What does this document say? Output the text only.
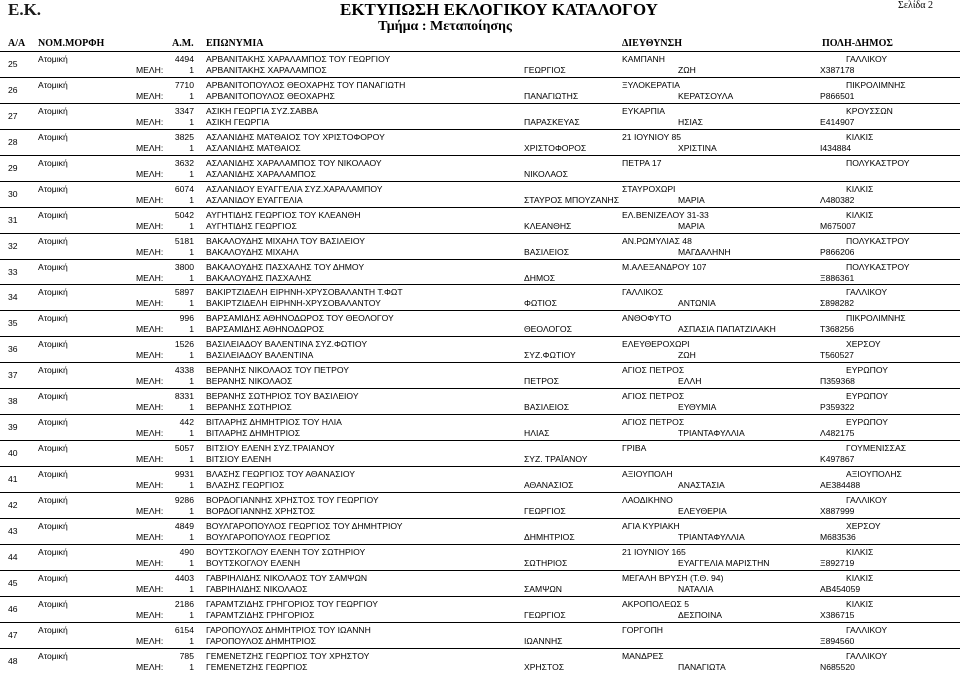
Ε.Κ.	ΕΚΤΥΠΩΣΗ ΕΚΛΟΓΙΚΟΥ ΚΑΤΑΛΟΓΟΥ
Τμήμα : Μεταποίησης
Σελίδα 2
Α/Α ΝΟΜ.ΜΟΡΦΗ	Α.Μ. ΕΠΩΝΥΜΙΑ	ΔΙΕΥΘΥΝΣΗ	ΠΟΛΗ-ΔΗΜΟΣ
25 Ατομική	4494 ΑΡΒΑΝΙΤΑΚΗΣ ΧΑΡΑΛΑΜΠΟΣ ΤΟΥ ΓΕΩΡΓΙΟΥ	ΚΑΜΠΑΝΗ	ΓΑΛΛΙΚΟΥ
ΜΕΛΗ:	1 ΑΡΒΑΝΙΤΑΚΗΣ ΧΑΡΑΛΑΜΠΟΣ	ΓΕΩΡΓΙΟΣ	ΖΩΗ	Χ387178
26 Ατομική	7710 ΑΡΒΑΝΙΤΟΠΟΥΛΟΣ ΘΕΟΧΑΡΗΣ ΤΟΥ ΠΑΝΑΓΙΩΤΗ	ΞΥΛΟΚΕΡΑΤΙΑ	ΠΙΚΡΟΛΙΜΝΗΣ
ΜΕΛΗ:	1 ΑΡΒΑΝΙΤΟΠΟΥΛΟΣ ΘΕΟΧΑΡΗΣ	ΠΑΝΑΓΙΩΤΗΣ	ΚΕΡΑΤΣΟΥΛΑ	Ρ866501
27 Ατομική	3347 ΑΣΙΚΗ ΓΕΩΡΓΙΑ ΣΥΖ.ΣΑΒΒΑ	ΕΥΚΑΡΠΙΑ	ΚΡΟΥΣΣΩΝ
ΜΕΛΗ:	1 ΑΣΙΚΗ ΓΕΩΡΓΙΑ	ΠΑΡΑΣΚΕΥΑΣ	ΗΣΙΑΣ	Ε414907
28 Ατομική	3825 ΑΣΛΑΝΙΔΗΣ ΜΑΤΘΑΙΟΣ ΤΟΥ ΧΡΙΣΤΟΦΟΡΟΥ	21 ΙΟΥΝΙΟΥ 85	ΚΙΛΚΙΣ
ΜΕΛΗ:	1 ΑΣΛΑΝΙΔΗΣ ΜΑΤΘΑΙΟΣ	ΧΡΙΣΤΟΦΟΡΟΣ	ΧΡΙΣΤΙΝΑ	Ι434884
29 Ατομική	3632 ΑΣΛΑΝΙΔΗΣ ΧΑΡΑΛΑΜΠΟΣ ΤΟΥ ΝΙΚΟΛΑΟΥ	ΠΕΤΡΑ 17	ΠΟΛΥΚΑΣΤΡΟΥ
ΜΕΛΗ:	1 ΑΣΛΑΝΙΔΗΣ ΧΑΡΑΛΑΜΠΟΣ	ΝΙΚΟΛΑΟΣ
30 Ατομική	6074 ΑΣΛΑΝΙΔΟΥ ΕΥΑΓΓΕΛΙΑ ΣΥΖ.ΧΑΡΑΛΑΜΠΟΥ	ΣΤΑΥΡΟΧΩΡΙ	ΚΙΛΚΙΣ
ΜΕΛΗ:	1 ΑΣΛΑΝΙΔΟΥ ΕΥΑΓΓΕΛΙΑ	ΣΤΑΥΡΟΣ ΜΠΟΥΖΑΝΗΣ	ΜΑΡΙΑ	Λ480382
31 Ατομική	5042 ΑΥΓΗΤΙΔΗΣ ΓΕΩΡΓΙΟΣ ΤΟΥ ΚΛΕΑΝΘΗ	ΕΛ.ΒΕΝΙΖΕΛΟΥ 31-33	ΚΙΛΚΙΣ
ΜΕΛΗ:	1 ΑΥΓΗΤΙΔΗΣ ΓΕΩΡΓΙΟΣ	ΚΛΕΑΝΘΗΣ	ΜΑΡΙΑ	Μ675007
32 Ατομική	5181 ΒΑΚΑΛΟΥΔΗΣ ΜΙΧΑΗΛ ΤΟΥ ΒΑΣΙΛΕΙΟΥ	ΑΝ.ΡΩΜΥΛΙΑΣ 48	ΠΟΛΥΚΑΣΤΡΟΥ
ΜΕΛΗ:	1 ΒΑΚΑΛΟΥΔΗΣ ΜΙΧΑΗΛ	ΒΑΣΙΛΕΙΟΣ	ΜΑΓΔΑΛΗΝΗ	Ρ866206
33 Ατομική	3800 ΒΑΚΑΛΟΥΔΗΣ ΠΑΣΧΑΛΗΣ ΤΟΥ ΔΗΜΟΥ	Μ.ΑΛΕΞΑΝΔΡΟΥ 107	ΠΟΛΥΚΑΣΤΡΟΥ
ΜΕΛΗ:	1 ΒΑΚΑΛΟΥΔΗΣ ΠΑΣΧΑΛΗΣ	ΔΗΜΟΣ	Ξ886361
34 Ατομική	5897 ΒΑΚΙΡΤΖΙΔΕΛΗ ΕΙΡΗΝΗ-ΧΡΥΣΟΒΑΛΑΝΤΗ Τ.ΦΩΤ	ΓΑΛΛΙΚΟΣ	ΓΑΛΛΙΚΟΥ
ΜΕΛΗ:	1 ΒΑΚΙΡΤΖΙΔΕΛΗ ΕΙΡΗΝΗ-ΧΡΥΣΟΒΑΛΑΝΤΟΥ	ΦΩΤΙΟΣ	ΑΝΤΩΝΙΑ	Σ898282
35 Ατομική	996 ΒΑΡΣΑΜΙΔΗΣ ΑΘΗΝΟΔΩΡΟΣ ΤΟΥ ΘΕΟΛΟΓΟΥ	ΑΝΘΟΦΥΤΟ	ΠΙΚΡΟΛΙΜΝΗΣ
ΜΕΛΗ:	1 ΒΑΡΣΑΜΙΔΗΣ ΑΘΗΝΟΔΩΡΟΣ	ΘΕΟΛΟΓΟΣ	ΑΣΠΑΣΙΑ ΠΑΠΑΤΖΙΛΑΚΗ	Τ368256
36 Ατομική	1526 ΒΑΣΙΛΕΙΑΔΟΥ ΒΑΛΕΝΤΙΝΑ ΣΥΖ.ΦΩΤΙΟΥ	ΕΛΕΥΘΕΡΟΧΩΡΙ	ΧΕΡΣΟΥ
ΜΕΛΗ:	1 ΒΑΣΙΛΕΙΑΔΟΥ ΒΑΛΕΝΤΙΝΑ	ΣΥΖ.ΦΩΤΙΟΥ	ΖΩΗ	Τ560527
37 Ατομική	4338 ΒΕΡΑΝΗΣ ΝΙΚΟΛΑΟΣ ΤΟΥ ΠΕΤΡΟΥ	ΑΓΙΟΣ ΠΕΤΡΟΣ	ΕΥΡΩΠΟΥ
ΜΕΛΗ:	1 ΒΕΡΑΝΗΣ ΝΙΚΟΛΑΟΣ	ΠΕΤΡΟΣ	ΕΛΛΗ	Π359368
38 Ατομική	8331 ΒΕΡΑΝΗΣ ΣΩΤΗΡΙΟΣ ΤΟΥ ΒΑΣΙΛΕΙΟΥ	ΑΓΙΟΣ ΠΕΤΡΟΣ	ΕΥΡΩΠΟΥ
ΜΕΛΗ:	1 ΒΕΡΑΝΗΣ ΣΩΤΗΡΙΟΣ	ΒΑΣΙΛΕΙΟΣ	ΕΥΘΥΜΙΑ	Ρ359322
39 Ατομική	442 ΒΙΤΛΑΡΗΣ ΔΗΜΗΤΡΙΟΣ ΤΟΥ ΗΛΙΑ	ΑΓΙΟΣ ΠΕΤΡΟΣ	ΕΥΡΩΠΟΥ
ΜΕΛΗ:	1 ΒΙΤΛΑΡΗΣ ΔΗΜΗΤΡΙΟΣ	ΗΛΙΑΣ	ΤΡΙΑΝΤΑΦΥΛΛΙΑ	Λ482175
40 Ατομική	5057 ΒΙΤΣΙΟΥ ΕΛΕΝΗ ΣΥΖ.ΤΡΑΙΑΝΟΥ	ΓΡΙΒΑ	ΓΟΥΜΕΝΙΣΣΑΣ
ΜΕΛΗ:	1 ΒΙΤΣΙΟΥ ΕΛΕΝΗ	ΣΥΖ. ΤΡΑΪΑΝΟΥ	Κ497867
41 Ατομική	9931 ΒΛΑΣΗΣ ΓΕΩΡΓΙΟΣ ΤΟΥ ΑΘΑΝΑΣΙΟΥ	ΑΞΙΟΥΠΟΛΗ	ΑΞΙΟΥΠΟΛΗΣ
ΜΕΛΗ:	1 ΒΛΑΣΗΣ ΓΕΩΡΓΙΟΣ	ΑΘΑΝΑΣΙΟΣ	ΑΝΑΣΤΑΣΙΑ	ΑΕ384488
42 Ατομική	9286 ΒΟΡΔΟΓΙΑΝΝΗΣ ΧΡΗΣΤΟΣ ΤΟΥ ΓΕΩΡΓΙΟΥ	ΛΑΟΔΙΚΗΝΟ	ΓΑΛΛΙΚΟΥ
ΜΕΛΗ:	1 ΒΟΡΔΟΓΙΑΝΝΗΣ ΧΡΗΣΤΟΣ	ΓΕΩΡΓΙΟΣ	ΕΛΕΥΘΕΡΙΑ	Χ887999
43 Ατομική	4849 ΒΟΥΛΓΑΡΟΠΟΥΛΟΣ ΓΕΩΡΓΙΟΣ ΤΟΥ ΔΗΜΗΤΡΙΟΥ	ΑΓΙΑ ΚΥΡΙΑΚΗ	ΧΕΡΣΟΥ
ΜΕΛΗ:	1 ΒΟΥΛΓΑΡΟΠΟΥΛΟΣ ΓΕΩΡΓΙΟΣ	ΔΗΜΗΤΡΙΟΣ	ΤΡΙΑΝΤΑΦΥΛΛΙΑ	Μ683536
44 Ατομική	490 ΒΟΥΤΣΚΟΓΛΟΥ ΕΛΕΝΗ ΤΟΥ ΣΩΤΗΡΙΟΥ	21 ΙΟΥΝΙΟΥ 165	ΚΙΛΚΙΣ
ΜΕΛΗ:	1 ΒΟΥΤΣΚΟΓΛΟΥ ΕΛΕΝΗ	ΣΩΤΗΡΙΟΣ	ΕΥΑΓΓΕΛΙΑ ΜΑΡΙΣΤΗΝ	Ξ892719
45 Ατομική	4403 ΓΑΒΡΙΗΛΙΔΗΣ ΝΙΚΟΛΑΟΣ ΤΟΥ ΣΑΜΨΩΝ	ΜΕΓΑΛΗ ΒΡΥΣΗ (Τ.Θ. 94)	ΚΙΛΚΙΣ
ΜΕΛΗ:	1 ΓΑΒΡΙΗΛΙΔΗΣ ΝΙΚΟΛΑΟΣ	ΣΑΜΨΩΝ	ΝΑΤΑΛΙΑ	ΑΒ454059
46 Ατομική	2186 ΓΑΡΑΜΤΖΙΔΗΣ ΓΡΗΓΟΡΙΟΣ ΤΟΥ ΓΕΩΡΓΙΟΥ	ΑΚΡΟΠΟΛΕΩΣ 5	ΚΙΛΚΙΣ
ΜΕΛΗ:	1 ΓΑΡΑΜΤΖΙΔΗΣ ΓΡΗΓΟΡΙΟΣ	ΓΕΩΡΓΙΟΣ	ΔΕΣΠΟΙΝΑ	Χ386715
47 Ατομική	6154 ΓΑΡΟΠΟΥΛΟΣ ΔΗΜΗΤΡΙΟΣ ΤΟΥ ΙΩΑΝΝΗ	ΓΟΡΓΟΠΗ	ΓΑΛΛΙΚΟΥ
ΜΕΛΗ:	1 ΓΑΡΟΠΟΥΛΟΣ ΔΗΜΗΤΡΙΟΣ	ΙΩΑΝΝΗΣ	Ξ894560
48 Ατομική	785 ΓΕΜΕΝΕΤΖΗΣ ΓΕΩΡΓΙΟΣ ΤΟΥ ΧΡΗΣΤΟΥ	ΜΑΝΔΡΕΣ	ΓΑΛΛΙΚΟΥ
ΜΕΛΗ:	1 ΓΕΜΕΝΕΤΖΗΣ ΓΕΩΡΓΙΟΣ	ΧΡΗΣΤΟΣ	ΠΑΝΑΓΙΩΤΑ	Ν685520
